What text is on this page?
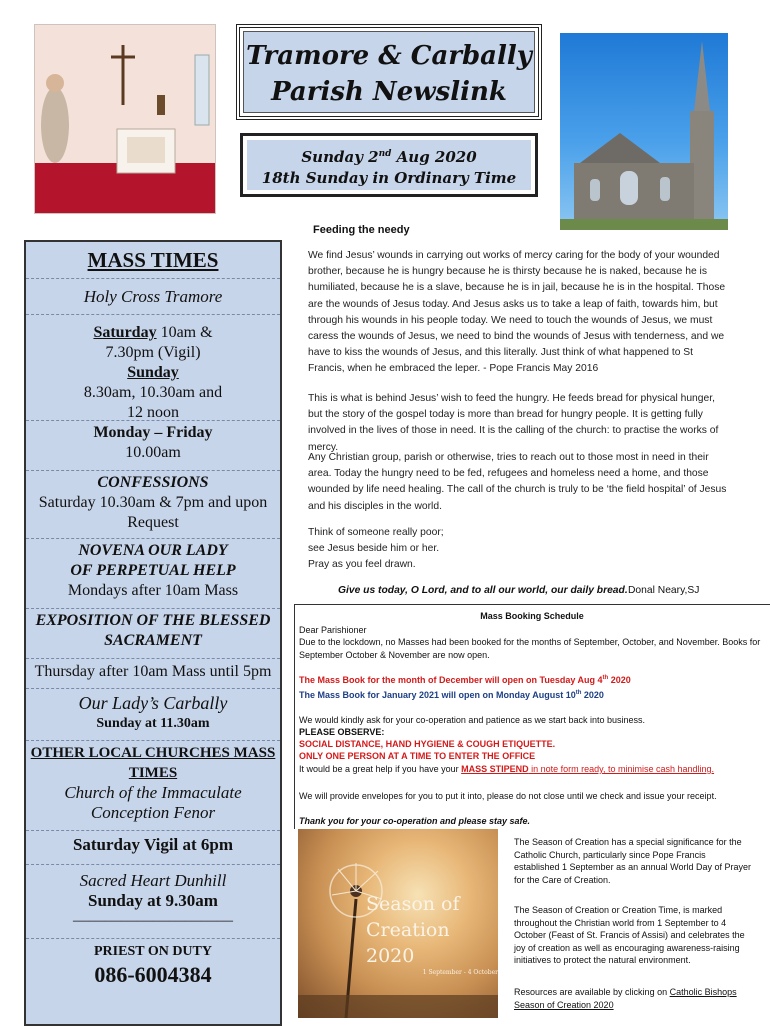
Tramore & Carbally
Parish Newslink
Sunday 2nd Aug 2020
18th Sunday in Ordinary Time
MASS TIMES
Holy Cross Tramore
Saturday 10am &
7.30pm (Vigil)
Sunday
8.30am, 10.30am and
12 noon
Monday – Friday
10.00am
CONFESSIONS
Saturday 10.30am & 7pm and upon
Request
NOVENA OUR LADY
OF PERPETUAL HELP
Mondays after 10am Mass
EXPOSITION OF THE BLESSED
SACRAMENT
Thursday after 10am Mass until 5pm
Our Lady’s Carbally
Sunday at 11.30am
OTHER LOCAL CHURCHES MASS
TIMES
Church of the Immaculate
Conception Fenor
Saturday Vigil at 6pm
Sacred Heart Dunhill
Sunday at 9.30am
——————————
PRIEST ON DUTY
086-6004384
Feeding the needy
We find Jesus’ wounds in carrying out works of mercy caring for the body of your wounded brother, because he is hungry because he is thirsty because he is naked, because he is humiliated, because he is a slave, because he is in jail, because he is in the hospital. Those are the wounds of Jesus today. And Jesus asks us to take a leap of faith, towards him, but through his wounds in his people today. We need to touch the wounds of Jesus, we must caress the wounds of Jesus, we need to bind the wounds of Jesus with tenderness, and we have to kiss the wounds of Jesus, and this literally. Just think of what happened to St Francis, when he embraced the leper. - Pope Francis May 2016
This is what is behind Jesus’ wish to feed the hungry. He feeds bread for physical hunger, but the story of the gospel today is more than bread for hungry people. It is getting fully involved in the lives of those in need. It is the calling of the church: to practise the works of mercy.
Any Christian group, parish or otherwise, tries to reach out to those most in need in their area. Today the hungry need to be fed, refugees and homeless need a home, and those wounded by life need healing. The call of the church is truly to be ‘the field hospital’ of Jesus and his disciples in the world.
Think of someone really poor;
see Jesus beside him or her.
Pray as you feel drawn.
Give us today, O Lord, and to all our world, our daily bread. Donal Neary,SJ
Mass Booking Schedule
Dear Parishioner
Due to the lockdown, no Masses had been booked for the months of September, October, and November. Books for September October & November are now open.
The Mass Book for the month of December will open on Tuesday Aug 4th 2020
The Mass Book for January 2021 will open on Monday August 10th 2020
We would kindly ask for your co-operation and patience as we start back into business.
PLEASE OBSERVE:
SOCIAL DISTANCE, HAND HYGIENE & COUGH ETIQUETTE.
ONLY ONE PERSON AT A TIME TO ENTER THE OFFICE
It would be a great help if you have your MASS STIPEND in note form ready, to minimise cash handling.
We will provide envelopes for you to put it into, please do not close until we check and issue your receipt.
Thank you for your co-operation and please stay safe.
Season of
Creation 2020
1 September - 4 October
The Season of Creation has a special significance for the Catholic Church, particularly since Pope Francis established 1 September as an annual World Day of Prayer for the Care of Creation.
The Season of Creation or Creation Time, is marked throughout the Christian world from 1 September to 4 October (Feast of St. Francis of Assisi) and celebrates the joy of creation as well as encouraging awareness-raising initiatives to protect the natural environment.
Resources are available by clicking on Catholic Bishops Season of Creation 2020
